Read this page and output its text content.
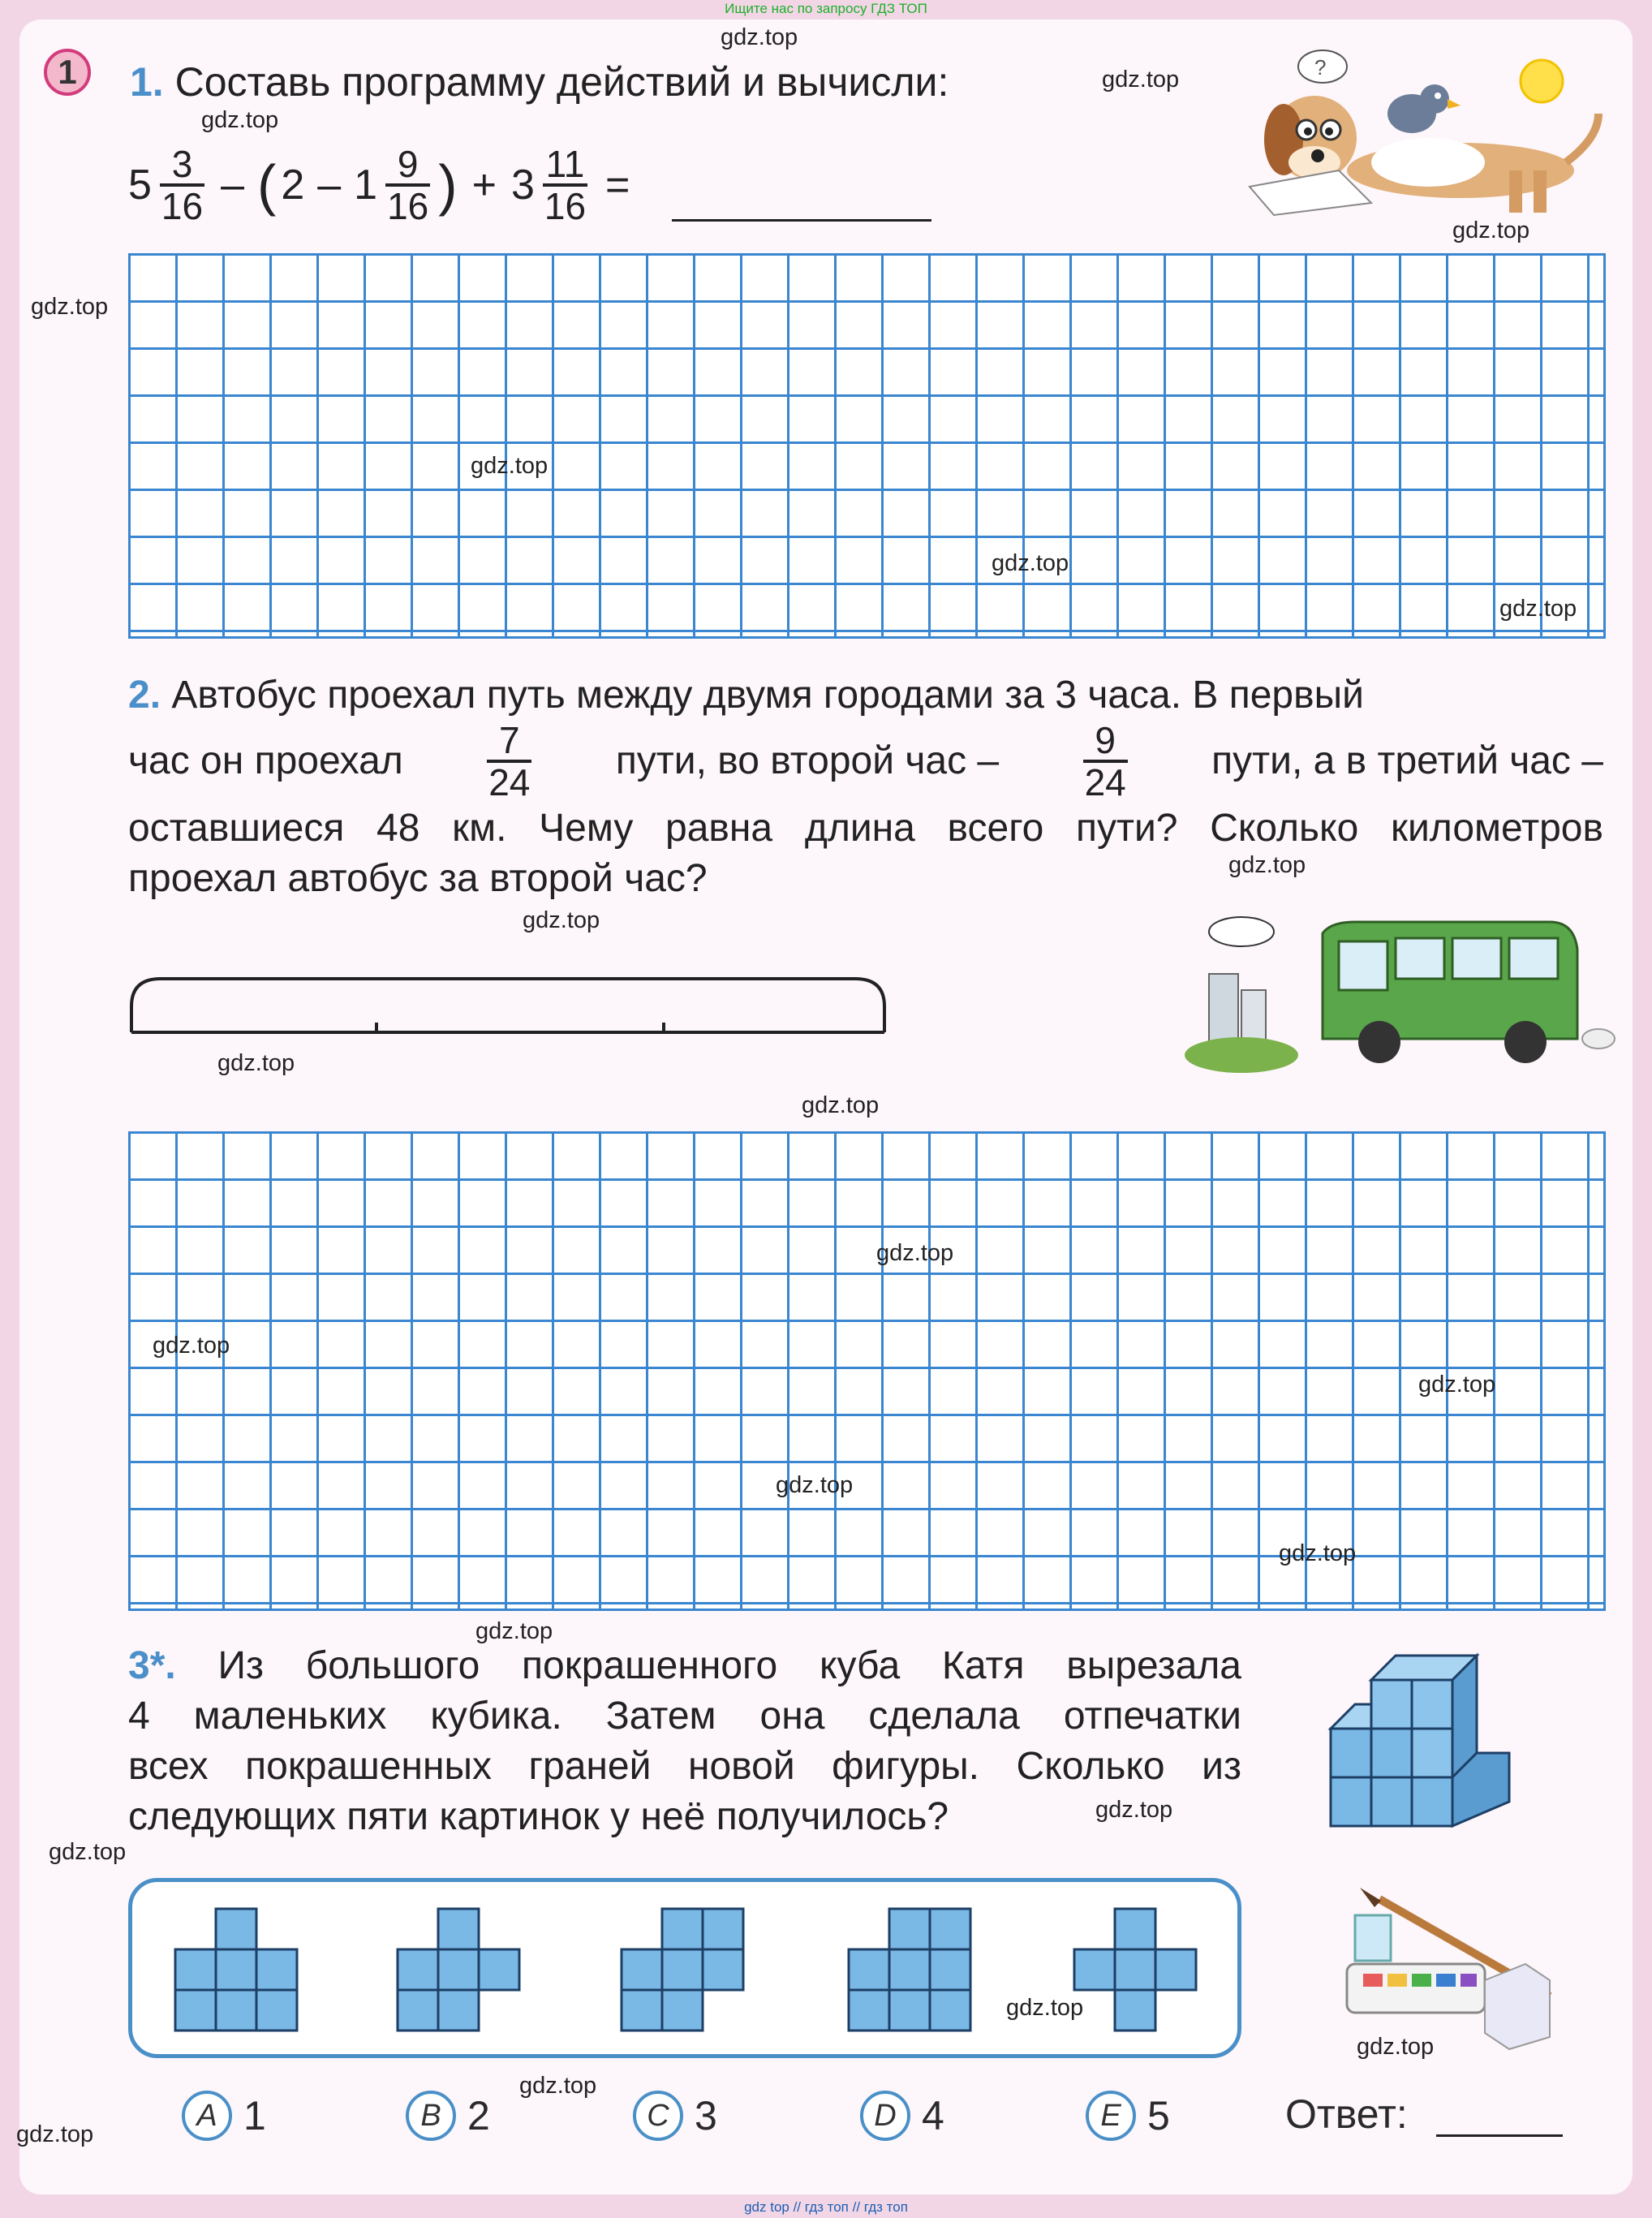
Ищите нас по запросу ГДЗ ТОП
1	1. Составь программу действий и вычисли:
$5 \frac{3}{16}$ – ( $2 - 1 \frac{9}{16}$ ) + $3 \frac{11}{16}$ =
?
2. Автобус проехал путь между двумя городами за 3 часа. В первый
час он проехал $\frac{7}{24}$ пути, во второй час – $\frac{9}{24}$ пути, а в третий час –
оставшиеся 48 км. Чему равна длина всего пути? Сколько километров
проехал автобус за второй час?
3*. Из большого покрашенного куба Катя вырезала
4 маленьких кубика. Затем она сделала отпечатки
всех покрашенных граней новой фигуры. Сколько из
следующих пяти картинок у неё получилось?
A 1	B 2	C 3	D 4	E 5	Ответ:
gdz.top
gdz.top
gdz.top
gdz.top
gdz.top
gdz.top
gdz.top
gdz.top
gdz.top
gdz.top
gdz.top
gdz.top
gdz.top
gdz.top
gdz.top
gdz.top
gdz.top
gdz.top
gdz.top
gdz.top
gdz.top
gdz.top
gdz.top
gdz.top
gdz top // гдз топ // гдз топ
